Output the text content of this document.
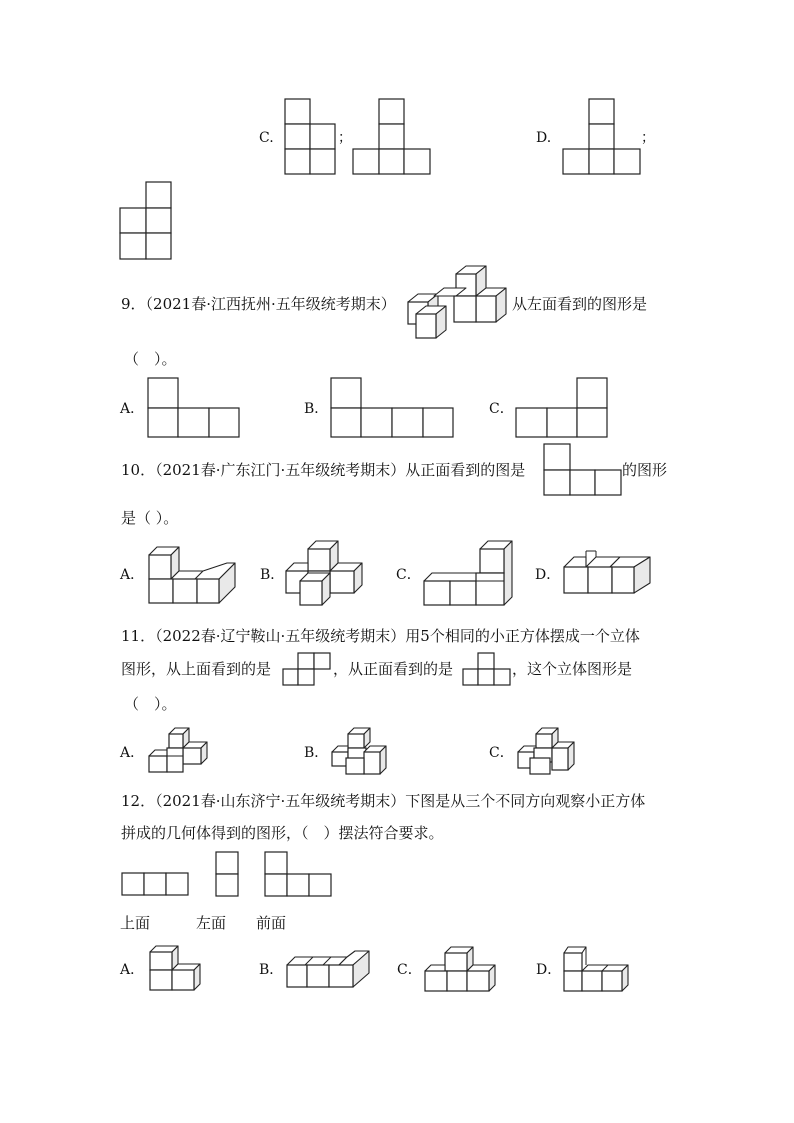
C.	；	D.	；
9．（2021春·江西抚州·五年级统考期末）	从左面看到的图形是
（　）。
A．	B．	C．
10．（2021春·广东江门·五年级统考期末）从正面看到的图是	的图形
是（ ）。
A．	B．	C．	D．
11．（2022春·辽宁鞍山·五年级统考期末）用5个相同的小正方体摆成一个立体
图形，从上面看到的是	，从正面看到的是	，这个立体图形是
（　）。
A．	B．	C．
12．（2021春·山东济宁·五年级统考期末）下图是从三个不同方向观察小正方体
拼成的几何体得到的图形，（　）摆法符合要求。
上面	左面 前面
A．	B．	C．	D．
